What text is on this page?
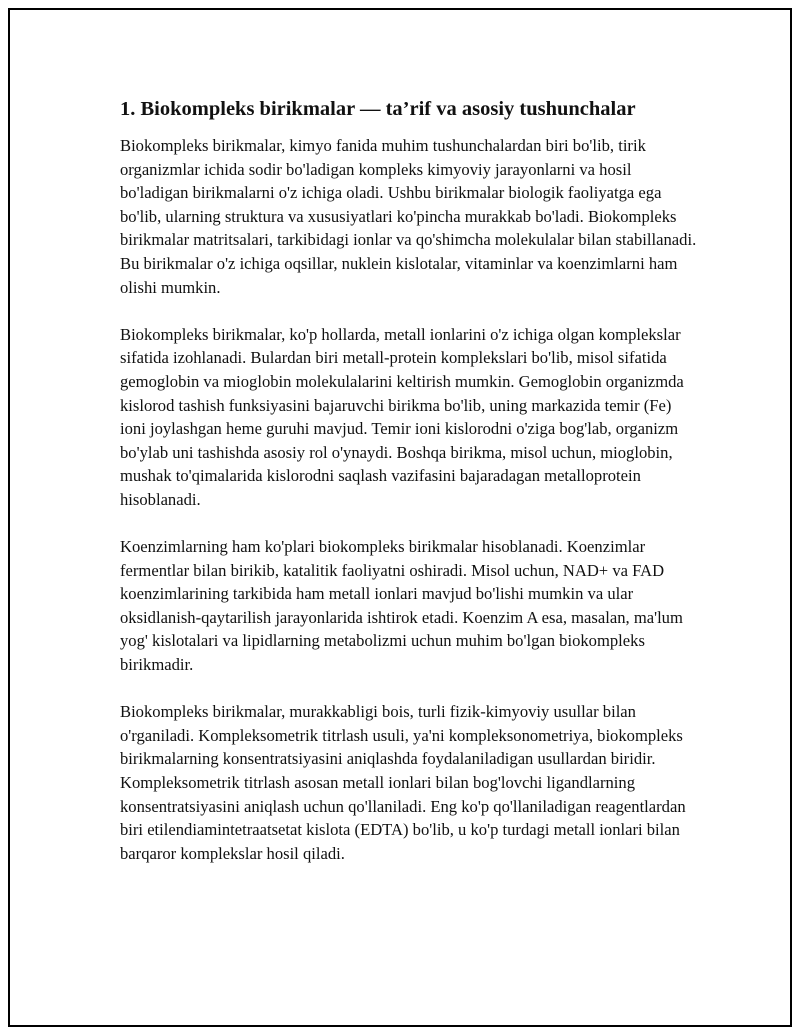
1. Biokompleks birikmalar — ta’rif va asosiy tushunchalar

Biokompleks birikmalar, kimyo fanida muhim tushunchalardan biri bo'lib, tirik organizmlar ichida sodir bo'ladigan kompleks kimyoviy jarayonlarni va hosil bo'ladigan birikmalarni o'z ichiga oladi. Ushbu birikmalar biologik faoliyatga ega bo'lib, ularning struktura va xususiyatlari ko'pincha murakkab bo'ladi. Biokompleks birikmalar matritsalari, tarkibidagi ionlar va qo'shimcha molekulalar bilan stabillanadi. Bu birikmalar o'z ichiga oqsillar, nuklein kislotalar, vitaminlar va koenzimlarni ham olishi mumkin.

Biokompleks birikmalar, ko'p hollarda, metall ionlarini o'z ichiga olgan komplekslar sifatida izohlanadi. Bulardan biri metall-protein komplekslari bo'lib, misol sifatida gemoglobin va mioglobin molekulalarini keltirish mumkin. Gemoglobin organizmda kislorod tashish funksiyasini bajaruvchi birikma bo'lib, uning markazida temir (Fe) ioni joylashgan heme guruhi mavjud. Temir ioni kislorodni o'ziga bog'lab, organizm bo'ylab uni tashishda asosiy rol o'ynaydi. Boshqa birikma, misol uchun, mioglobin, mushak to'qimalarida kislorodni saqlash vazifasini bajaradagan metalloprotein hisoblanadi.

Koenzimlarning ham ko'plari biokompleks birikmalar hisoblanadi. Koenzimlar fermentlar bilan birikib, katalitik faoliyatni oshiradi. Misol uchun, NAD+ va FAD koenzimlarining tarkibida ham metall ionlari mavjud bo'lishi mumkin va ular oksidlanish-qaytarilish jarayonlarida ishtirok etadi. Koenzim A esa, masalan, ma'lum yog' kislotalari va lipidlarning metabolizmi uchun muhim bo'lgan biokompleks birikmadir.

Biokompleks birikmalar, murakkabligi bois, turli fizik-kimyoviy usullar bilan o'rganiladi. Kompleksometrik titrlash usuli, ya'ni kompleksonometriya, biokompleks birikmalarning konsentratsiyasini aniqlashda foydalaniladigan usullardan biridir. Kompleksometrik titrlash asosan metall ionlari bilan bog'lovchi ligandlarning konsentratsiyasini aniqlash uchun qo'llaniladi. Eng ko'p qo'llaniladigan reagentlardan biri etilendiamintetraatsetat kislota (EDTA) bo'lib, u ko'p turdagi metall ionlari bilan barqaror komplekslar hosil qiladi.
